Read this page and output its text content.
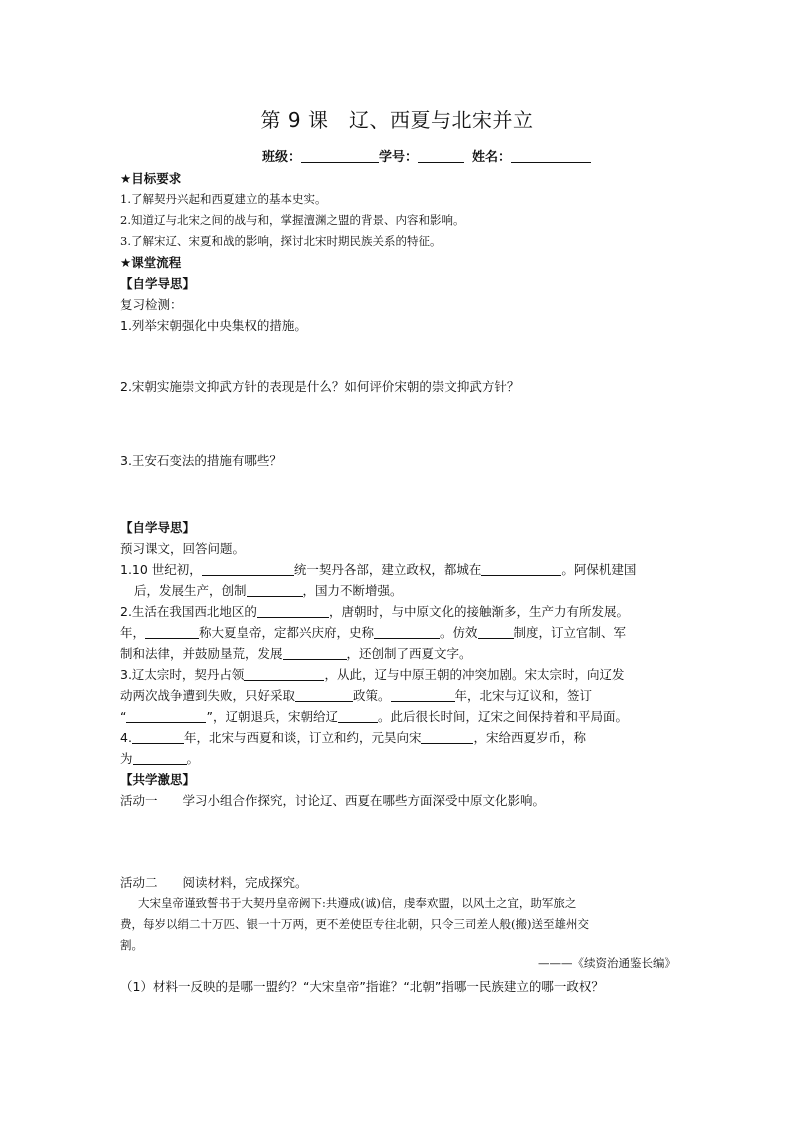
第 9 课　辽、西夏与北宋并立
班级：	学号：	姓名：
★目标要求
1.了解契丹兴起和西夏建立的基本史实。
2.知道辽与北宋之间的战与和，掌握澶渊之盟的背景、内容和影响。
3.了解宋辽、宋夏和战的影响，探讨北宋时期民族关系的特征。
★课堂流程
【自学导思】
复习检测：
1.列举宋朝强化中央集权的措施。
2.宋朝实施崇文抑武方针的表现是什么？如何评价宋朝的崇文抑武方针？
3.王安石变法的措施有哪些？
【自学导思】
预习课文，回答问题。
1.10 世纪初，	统一契丹各部，建立政权，都城在	。阿保机建国
后，发展生产，创制	，国力不断增强。
2.生活在我国西北地区的	，唐朝时，与中原文化的接触渐多，生产力有所发展。
年，	称大夏皇帝，定都兴庆府，史称	。仿效	制度，订立官制、军
制和法律，并鼓励垦荒，发展	，还创制了西夏文字。
3.辽太宗时，契丹占领	，从此，辽与中原王朝的冲突加剧。宋太宗时，向辽发
动两次战争遭到失败，只好采取	政策。	年，北宋与辽议和，签订
“	”，辽朝退兵，宋朝给辽	。此后很长时间，辽宋之间保持着和平局面。
4.	年，北宋与西夏和谈，订立和约，元昊向宋	，宋给西夏岁币，称
为	。
【共学激思】
活动一　　学习小组合作探究，讨论辽、西夏在哪些方面深受中原文化影响。
活动二　　阅读材料，完成探究。
大宋皇帝谨致誓书于大契丹皇帝阙下:共遵成(诚)信，虔奉欢盟，以风土之宜，助军旅之
费，每岁以绢二十万匹、银一十万两，更不差使臣专往北朝，只令三司差人般(搬)送至雄州交
割。
———《续资治通鉴长编》
（1）材料一反映的是哪一盟约？“大宋皇帝”指谁？“北朝”指哪一民族建立的哪一政权？
